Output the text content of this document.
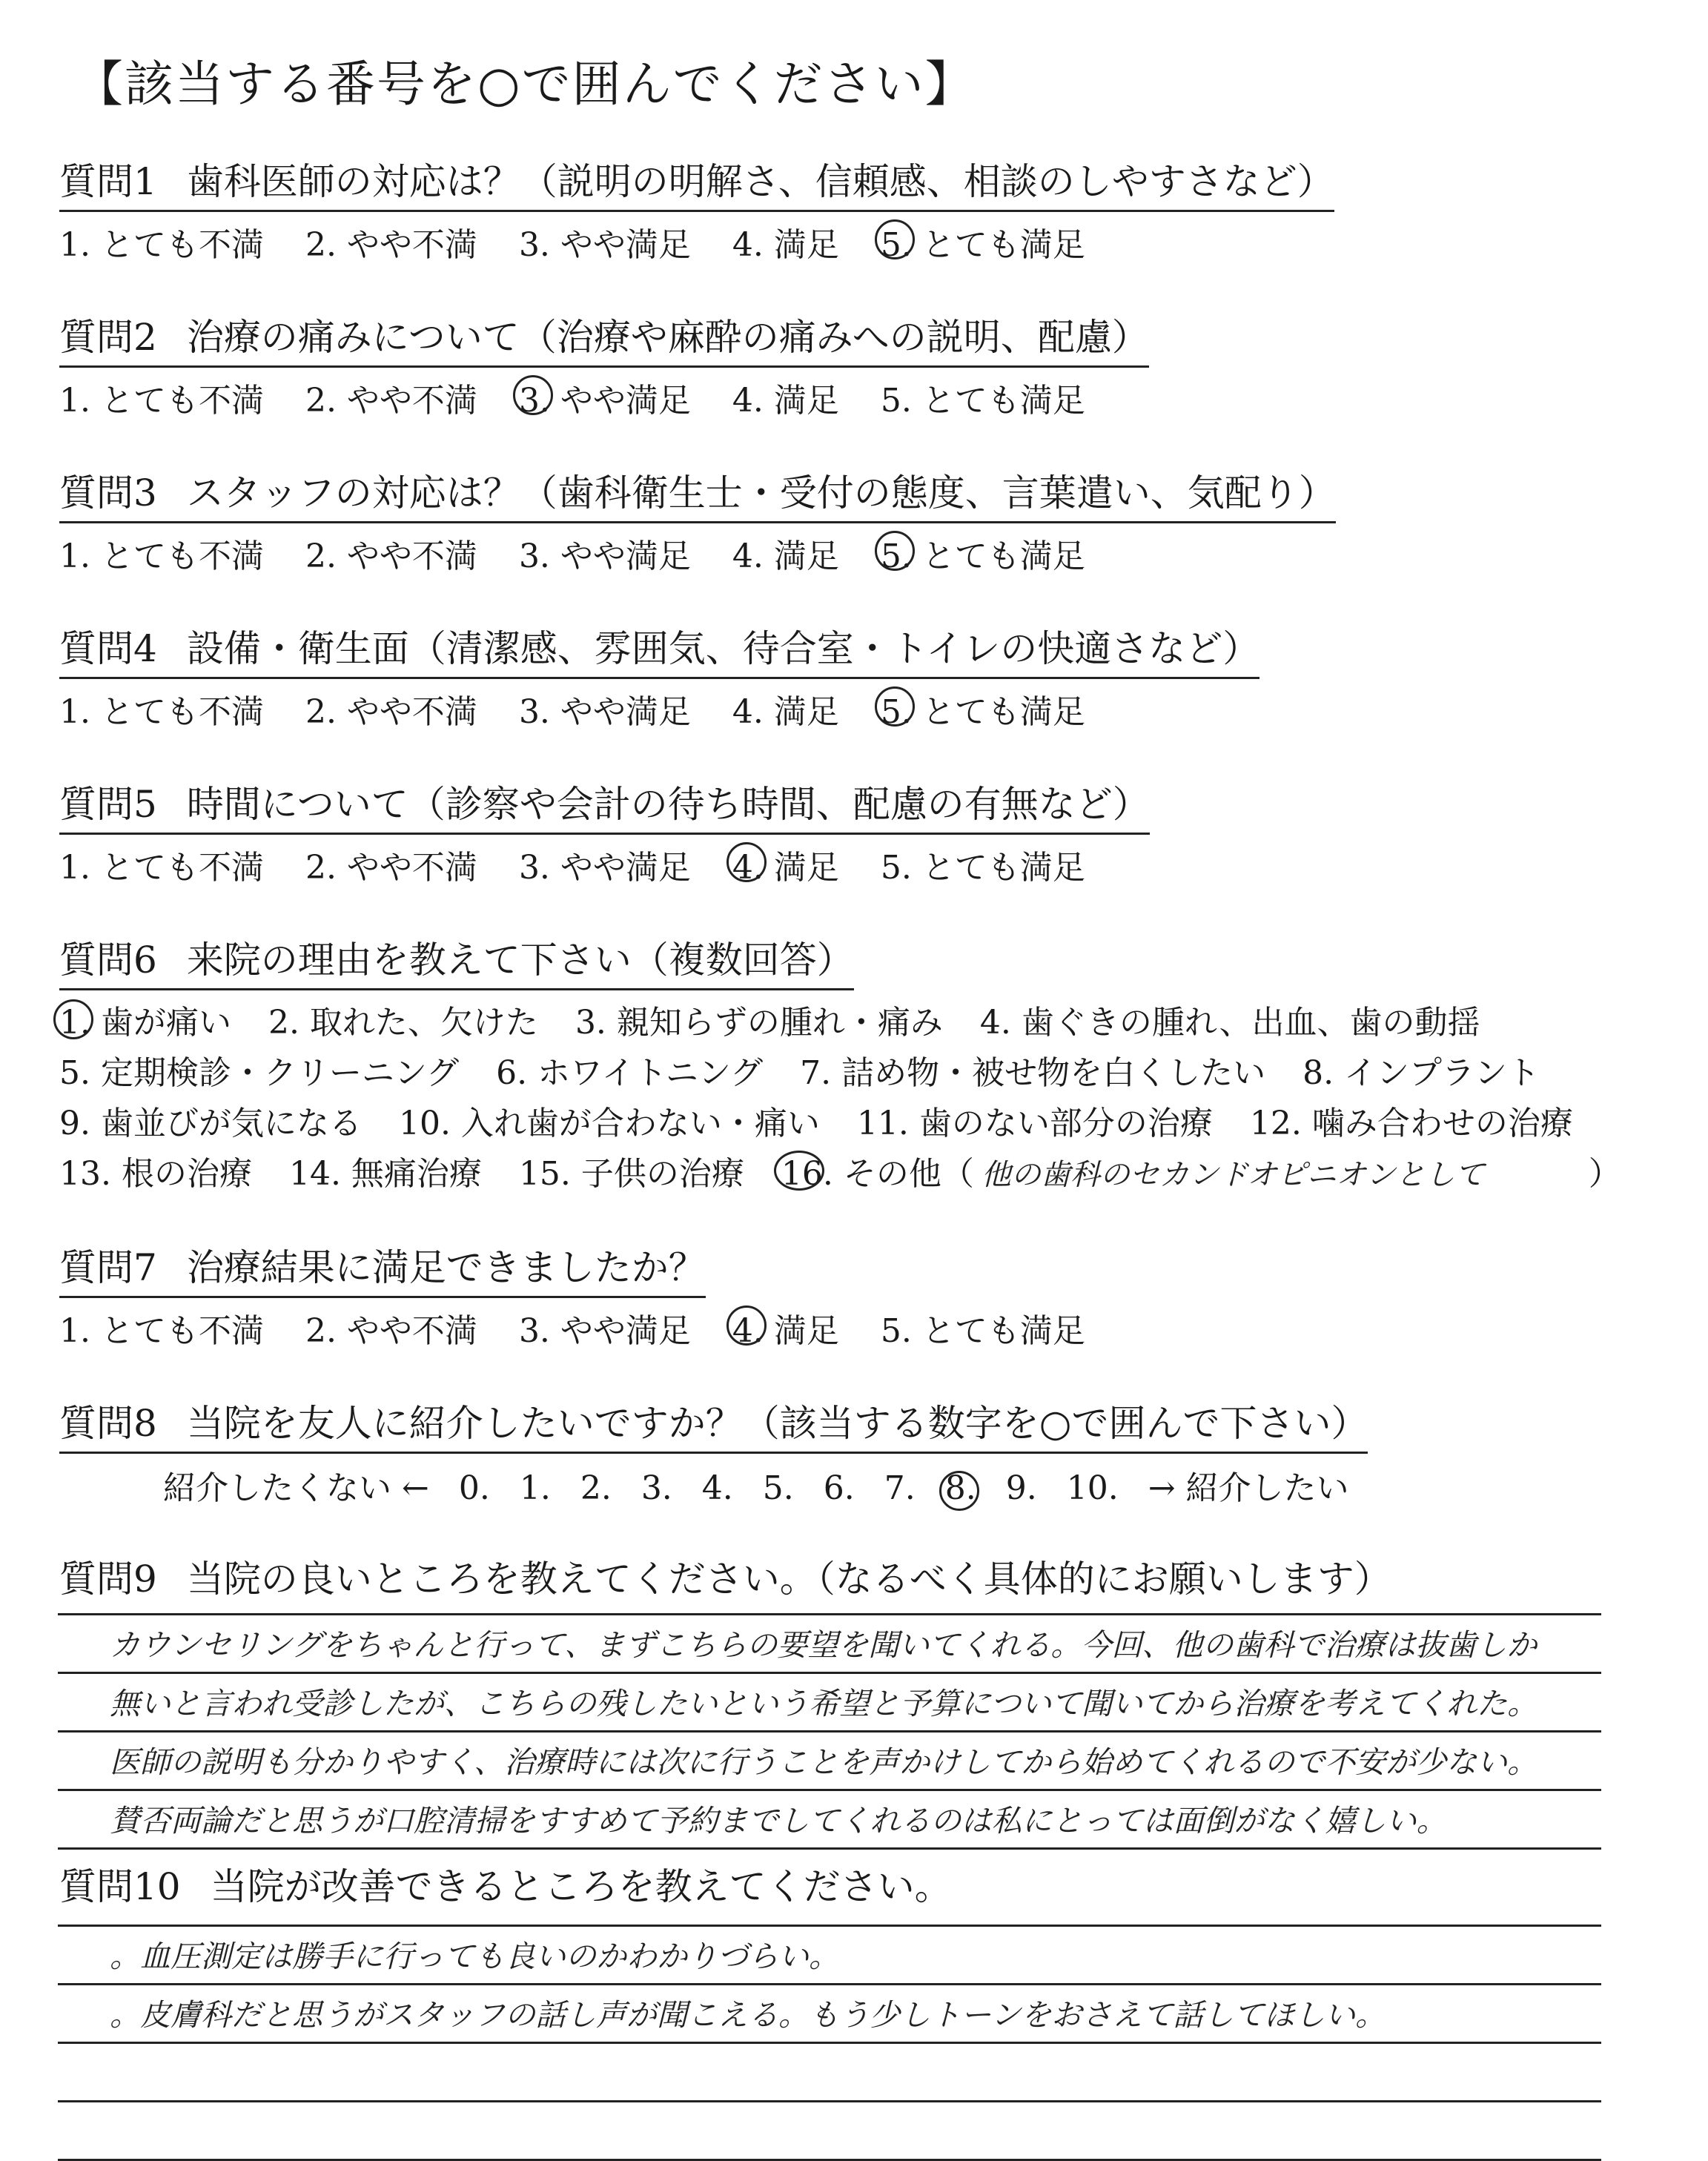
【該当する番号を○で囲んでください】
質問1 歯科医師の対応は？（説明の明解さ、信頼感、相談のしやすさなど）
1. とても不満 2. やや不満 3. やや満足 4. 満足 5. とても満足
質問2 治療の痛みについて（治療や麻酔の痛みへの説明、配慮）
1. とても不満 2. やや不満 3. やや満足 4. 満足 5. とても満足
質問3 スタッフの対応は？（歯科衛生士・受付の態度、言葉遣い、気配り）
1. とても不満 2. やや不満 3. やや満足 4. 満足 5. とても満足
質問4 設備・衛生面（清潔感、雰囲気、待合室・トイレの快適さなど）
1. とても不満 2. やや不満 3. やや満足 4. 満足 5. とても満足
質問5 時間について（診察や会計の待ち時間、配慮の有無など）
1. とても不満 2. やや不満 3. やや満足 4. 満足 5. とても満足
質問6 来院の理由を教えて下さい（複数回答）
1. 歯が痛い 2. 取れた、欠けた 3. 親知らずの腫れ・痛み 4. 歯ぐきの腫れ、出血、歯の動揺
5. 定期検診・クリーニング 6. ホワイトニング 7. 詰め物・被せ物を白くしたい 8. インプラント
9. 歯並びが気になる 10. 入れ歯が合わない・痛い 11. 歯のない部分の治療 12. 噛み合わせの治療
13. 根の治療 14. 無痛治療 15. 子供の治療 16. その他（ 他の歯科のセカンドオピニオンとして	）
質問7 治療結果に満足できましたか？
1. とても不満 2. やや不満 3. やや満足 4. 満足 5. とても満足
質問8 当院を友人に紹介したいですか？（該当する数字を○で囲んで下さい）
紹介したくない ← 0. 1. 2. 3. 4. 5. 6. 7. 8. 9. 10. → 紹介したい
質問9 当院の良いところを教えてください。（なるべく具体的にお願いします）
カウンセリングをちゃんと行って、まずこちらの要望を聞いてくれる。今回、他の歯科で治療は抜歯しか
無いと言われ受診したが、こちらの残したいという希望と予算について聞いてから治療を考えてくれた。
医師の説明も分かりやすく、治療時には次に行うことを声かけしてから始めてくれるので不安が少ない。
賛否両論だと思うが口腔清掃をすすめて予約までしてくれるのは私にとっては面倒がなく嬉しい。
質問10 当院が改善できるところを教えてください。
。血圧測定は勝手に行っても良いのかわかりづらい。
。皮膚科だと思うがスタッフの話し声が聞こえる。もう少しトーンをおさえて話してほしい。
